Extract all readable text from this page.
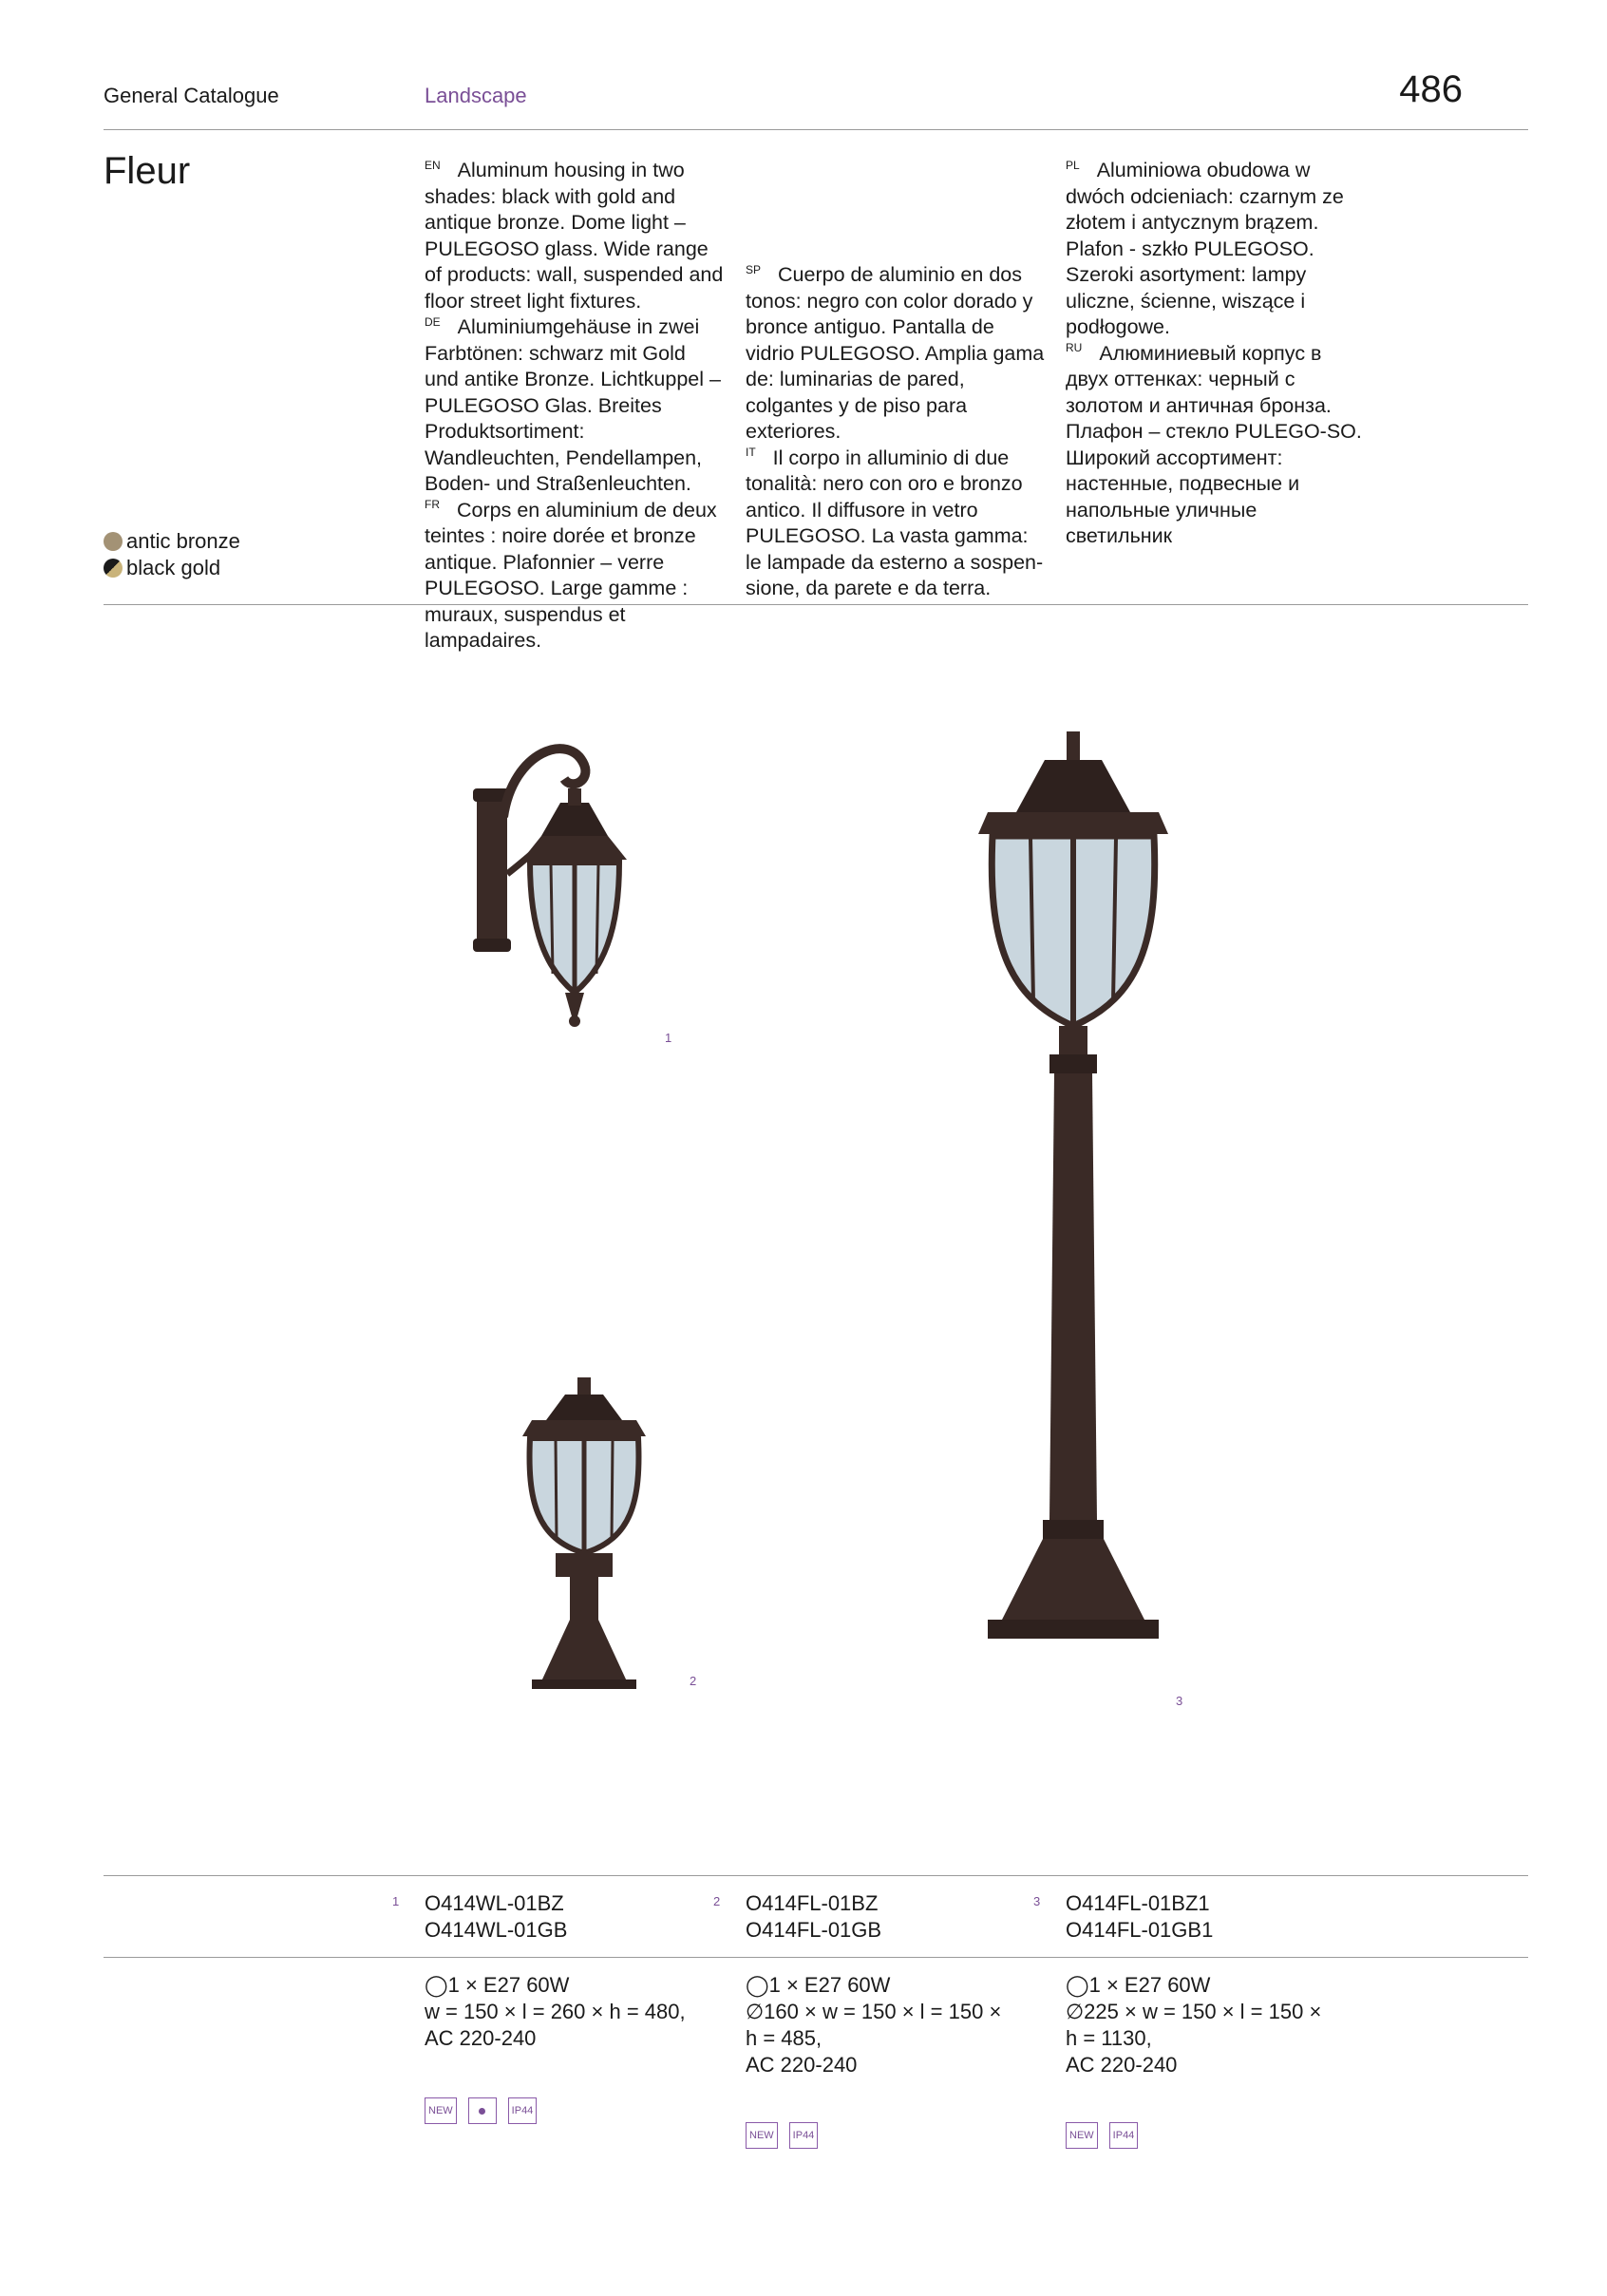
General Catalogue	Landscape	486
Fleur	$^{EN}$ Aluminum housing in two shades: black with gold and antique bronze. Dome light – PULEGOSO glass. Wide range of products: wall, suspended and floor street light fixtures.

$^{DE}$ Aluminiumgehäuse in zwei Farbtönen: schwarz mit Gold und antike Bronze. Lichtkuppel – PULEGOSO Glas. Breites Produktsortiment: Wandleuchten, Pendellampen, Boden- und Straßenleuchten.

$^{FR}$ Corps en aluminium de deux teintes : noire dorée et bronze antique. Plafonnier – verre PULEGOSO. Large gamme : muraux, suspendus et lampadaires.

$^{SP}$ Cuerpo de aluminio en dos tonos: negro con color dorado y bronce antiguo. Pantalla de vidrio PULEGOSO. Amplia gama de: luminarias de pared, colgantes y de piso para exteriores.

$^{IT}$ Il corpo in alluminio di due tonalità: nero con oro e bronzo antico. Il diffusore in vetro PULEGOSO. La vasta gamma: le lampade da esterno a sospen-sione, da parete e da terra.

$^{PL}$ Aluminiowa obudowa w dwóch odcieniach: czarnym ze złotem i antycznym brązem. Plafon - szkło PULEGOSO. Szeroki asortyment: lampy uliczne, ścienne, wiszące i podłogowe.

$^{RU}$ Алюминиевый корпус в двух оттенках: черный с золотом и античная бронза. Плафон – стекло PULEGO-SO. Широкий ассортимент: настенные, подвесные и напольные уличные светильник

antic bronze
black gold
1
2
3
1 O414WL-01BZ
O414WL-01GB
2 O414FL-01BZ
O414FL-01GB
3 O414FL-01BZ1
O414FL-01GB1
◯1 × E27 60W
w = 150 × l = 260 × h = 480,
AC 220-240
NEW	IP44
◯1 × E27 60W
∅160 × w = 150 × l = 150 ×
h = 485,
AC 220-240
NEW	IP44
◯1 × E27 60W
∅225 × w = 150 × l = 150 ×
h = 1130,
AC 220-240
NEW	IP44
